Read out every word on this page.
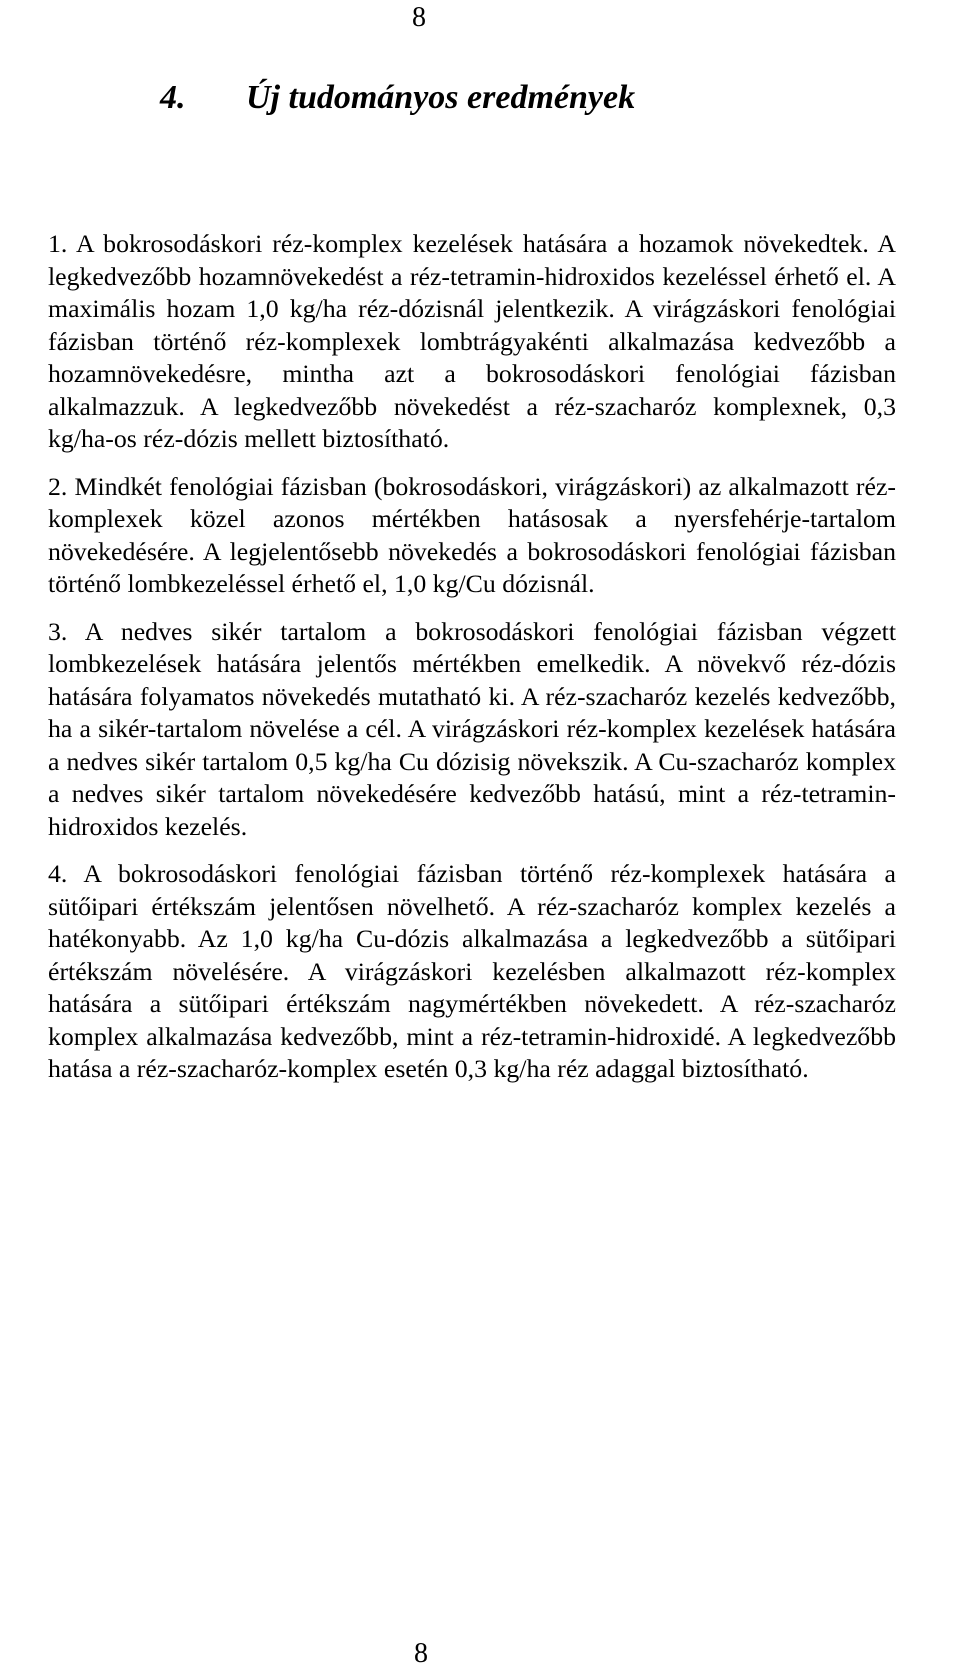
8
4. Új tudományos eredmények

1. A bokrosodáskori réz-komplex kezelések hatására a hozamok növekedtek. A legkedvezőbb hozamnövekedést a réz-tetramin-hidroxidos kezeléssel érhető el. A maximális hozam 1,0 kg/ha réz-dózisnál jelentkezik. A virágzáskori fenológiai fázisban történő réz-komplexek lombtrágyakénti alkalmazása kedvezőbb a hozamnövekedésre, mintha azt a bokrosodáskori fenológiai fázisban alkalmazzuk. A legkedvezőbb növekedést a réz-szacharóz komplexnek, 0,3 kg/ha-os réz-dózis mellett biztosítható.

2. Mindkét fenológiai fázisban (bokrosodáskori, virágzáskori) az alkalmazott réz-komplexek közel azonos mértékben hatásosak a nyersfehérje-tartalom növekedésére. A legjelentősebb növekedés a bokrosodáskori fenológiai fázisban történő lombkezeléssel érhető el, 1,0 kg/Cu dózisnál.

3. A nedves sikér tartalom a bokrosodáskori fenológiai fázisban végzett lombkezelések hatására jelentős mértékben emelkedik. A növekvő réz-dózis hatására folyamatos növekedés mutatható ki. A réz-szacharóz kezelés kedvezőbb, ha a sikér-tartalom növelése a cél. A virágzáskori réz-komplex kezelések hatására a nedves sikér tartalom 0,5 kg/ha Cu dózisig növekszik. A Cu-szacharóz komplex a nedves sikér tartalom növekedésére kedvezőbb hatású, mint a réz-tetramin-hidroxidos kezelés.

4. A bokrosodáskori fenológiai fázisban történő réz-komplexek hatására a sütőipari értékszám jelentősen növelhető. A réz-szacharóz komplex kezelés a hatékonyabb. Az 1,0 kg/ha Cu-dózis alkalmazása a legkedvezőbb a sütőipari értékszám növelésére. A virágzáskori kezelésben alkalmazott réz-komplex hatására a sütőipari értékszám nagymértékben növekedett. A réz-szacharóz komplex alkalmazása kedvezőbb, mint a réz-tetramin-hidroxidé. A legkedvezőbb hatása a réz-szacharóz-komplex esetén 0,3 kg/ha réz adaggal biztosítható.

8
